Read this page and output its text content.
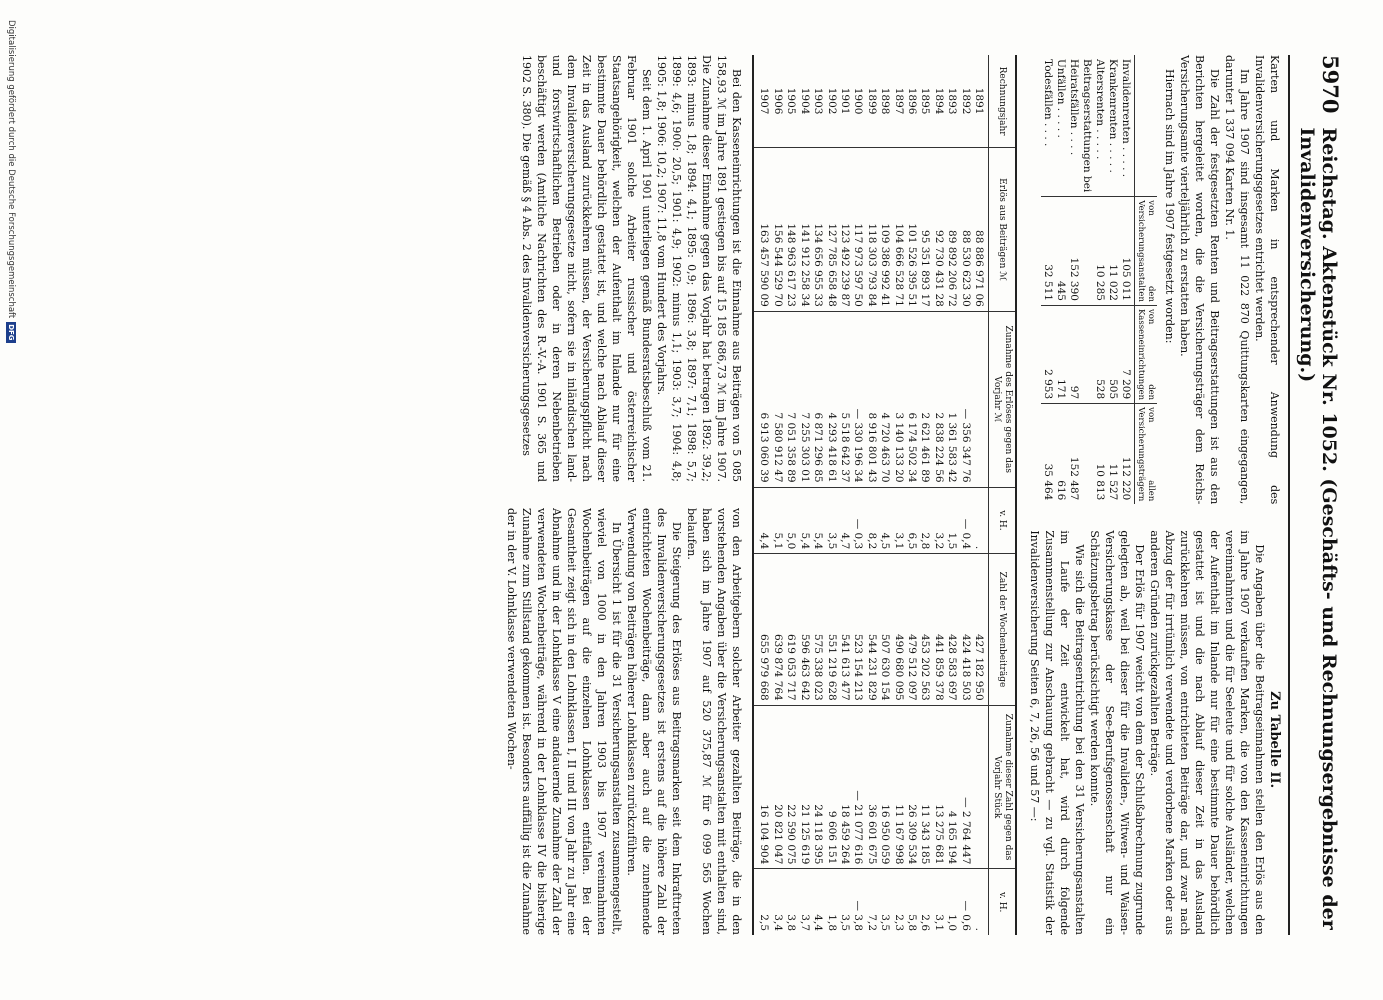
5970
Reichstag. Aktenstück Nr. 1052. (Geschäfts- und Rechnungsergebnisse der Invalidenversicherung.)

Karten und Marken in entsprechender Anwendung des Invalidenversicherungsgesetzes entrichtet werden.

Im Jahre 1907 sind insgesamt 11 022 870 Quittungskarten eingegangen, darunter 1 337 094 Karten Nr. 1.

Die Zahl der festgesetzten Renten und Beitragserstattungen ist aus den Berichten hergeleitet worden, die die Versicherungsträger dem Reichs-Versicherungsamte vierteljährlich zu erstatten haben.

Hiernach sind im Jahre 1907 festgesetzt worden:

	von den Versicherungsanstalten	von den Kasseneinrichtungen	von allen Versicherungsträgern
Invalidenrenten . . . . .	105 011	7 209	112 220
Krankenrenten . . . . .	11 022	505	11 527
Altersrenten . . . . .	10 285	528	10 813
Beitragserstattungen bei			
Heiratsfällen . . . .	152 390	97	152 487
Unfällen . . . . .	445	171	616
Todesfällen . . . .	32 511	2 953	35 464

Zu Tabelle II.

Die Angaben über die Beitragseinnahmen stellen den Erlös aus den im Jahre 1907 verkauften Marken, die von den Kasseneinrichtungen vereinnahmten und die für Seeleute und für solche Ausländer, welchen der Aufenthalt im Inlande nur für eine bestimmte Dauer behördlich gestattet ist und die nach Ablauf dieser Zeit in das Ausland zurückkehren müssen, von entrichteten Beiträge dar, und zwar nach Abzug der für irrtümlich verwendete und verdorbene Marken oder aus anderen Gründen zurückgezahlten Beträge.

Der Erlös für 1907 weicht von dem der Schlußabrechnung zugrunde gelegten ab, weil bei dieser für die Invaliden-, Witwen- und Waisen-Versicherungskasse der See-Berufsgenossenschaft nur ein Schätzungsbetrag berücksichtigt werden konnte.

Wie sich die Beitragsentrichtung bei den 31 Versicherungsanstalten im Laufe der Zeit entwickelt hat, wird durch folgende Zusammenstellung zur Anschauung gebracht — zu vgl. Statistik der Invalidenversicherung Seiten 6, 7, 26, 56 und 57 —:

Rechnungsjahr	Erlös aus Beiträgen ℳ	Zunahme des Erlöses gegen das Vorjahr ℳ	v. H.	Zahl der Wochenbeiträge	Zunahme dieser Zahl gegen das Vorjahr Stück	v. H.
1891	88 886 971 06		.	427 182 950		.
1892	88 530 623 30	— 356 347 76	— 0,4	424 418 503	— 2 764 447	— 0,6
1893	89 892 206 72	1 361 583 42	1,5	428 583 697	4 165 194	1,0
1894	92 730 431 28	2 838 224 56	3,2	441 859 378	13 275 681	3,1
1895	95 351 893 17	2 621 461 89	2,8	453 202 563	11 343 185	2,6
1896	101 526 395 51	6 174 502 34	6,5	479 512 097	26 309 534	5,8
1897	104 666 528 71	3 140 133 20	3,1	490 680 095	11 167 998	2,3
1898	109 386 992 41	4 720 463 70	4,5	507 630 154	16 950 059	3,5
1899	118 303 793 84	8 916 801 43	8,2	544 231 829	36 601 675	7,2
1900	117 973 597 50	— 330 196 34	— 0,3	523 154 213	— 21 077 616	— 3,8
1901	123 492 239 87	5 518 642 37	4,7	541 613 477	18 459 264	3,5
1902	127 785 658 48	4 293 418 61	3,5	551 219 628	9 606 151	1,8
1903	134 656 955 33	6 871 296 85	5,4	575 338 023	24 118 395	4,4
1904	141 912 258 34	7 255 303 01	5,4	596 463 642	21 125 619	3,7
1905	148 963 617 23	7 051 358 89	5,0	619 053 717	22 590 075	3,8
1906	156 544 529 70	7 580 912 47	5,1	639 874 764	20 821 047	3,4
1907	163 457 590 09	6 913 060 39	4,4	655 979 668	16 104 904	2,5

Bei den Kasseneinrichtungen ist die Einnahme aus Beiträgen von 5 085 158,93 ℳ im Jahre 1891 gestiegen bis auf 15 185 686,73 ℳ im Jahre 1907. Die Zunahme dieser Einnahme gegen das Vorjahr hat betragen 1892: 39,2; 1893: minus 1,8; 1894: 4,1; 1895: 0,9; 1896: 3,8; 1897: 7,1; 1898: 5,7; 1899: 4,6; 1900: 20,5; 1901: 4,9; 1902: minus 1,1; 1903: 3,7; 1904: 4,8; 1905: 1,8; 1906: 10,2; 1907: 11,8 vom Hundert des Vorjahrs.

Seit dem 1. April 1901 unterliegen gemäß Bundesratsbeschluß vom 21. Februar 1901 solche Arbeiter russischer und österreichischer Staatsangehörigkeit, welchen der Aufenthalt im Inlande nur für eine bestimmte Dauer behördlich gestattet ist, und welche nach Ablauf dieser Zeit in das Ausland zurückkehren müssen, der Versicherungspflicht nach dem Invalidenversicherungsgesetze nicht, sofern sie in inländischen land- und forstwirtschaftlichen Betrieben oder in deren Nebenbetrieben beschäftigt werden (Amtliche Nachrichten des R.-V.-A. 1901 S. 365 und 1902 S. 380). Die gemäß § 4 Abs. 2 des Invalidenversicherungsgesetzes

von den Arbeitgebern solcher Arbeiter gezahlten Beiträge, die in den vorstehenden Angaben über die Versicherungsanstalten mit enthalten sind, haben sich im Jahre 1907 auf 520 375,87 ℳ für 6 099 565 Wochen belaufen.

Die Steigerung des Erlöses aus Beitragsmarken seit dem Inkrafttreten des Invalidenversicherungsgesetzes ist erstens auf die höhere Zahl der entrichteten Wochenbeiträge, dann aber auch auf die zunehmende Verwendung von Beiträgen höherer Lohnklassen zurückzuführen.

In Übersicht 1 ist für die 31 Versicherungsanstalten zusammengestellt, wieviel von 1000 in den Jahren 1903 bis 1907 vereinnahmten Wochenbeiträgen auf die einzelnen Lohnklassen entfallen. Bei der Gesamtheit zeigt sich in den Lohnklassen I, II und III von Jahr zu Jahr eine Abnahme und in der Lohnklasse V eine andauernde Zunahme der Zahl der verwendeten Wochenbeiträge, während in der Lohnklasse IV die bisherige Zunahme zum Stillstand gekommen ist. Besonders auffällig ist die Zunahme der in der V. Lohnklasse verwendeten Wochen-

Digitalisierung gefördert durch die Deutsche Forschungsgemeinschaft
DFG
